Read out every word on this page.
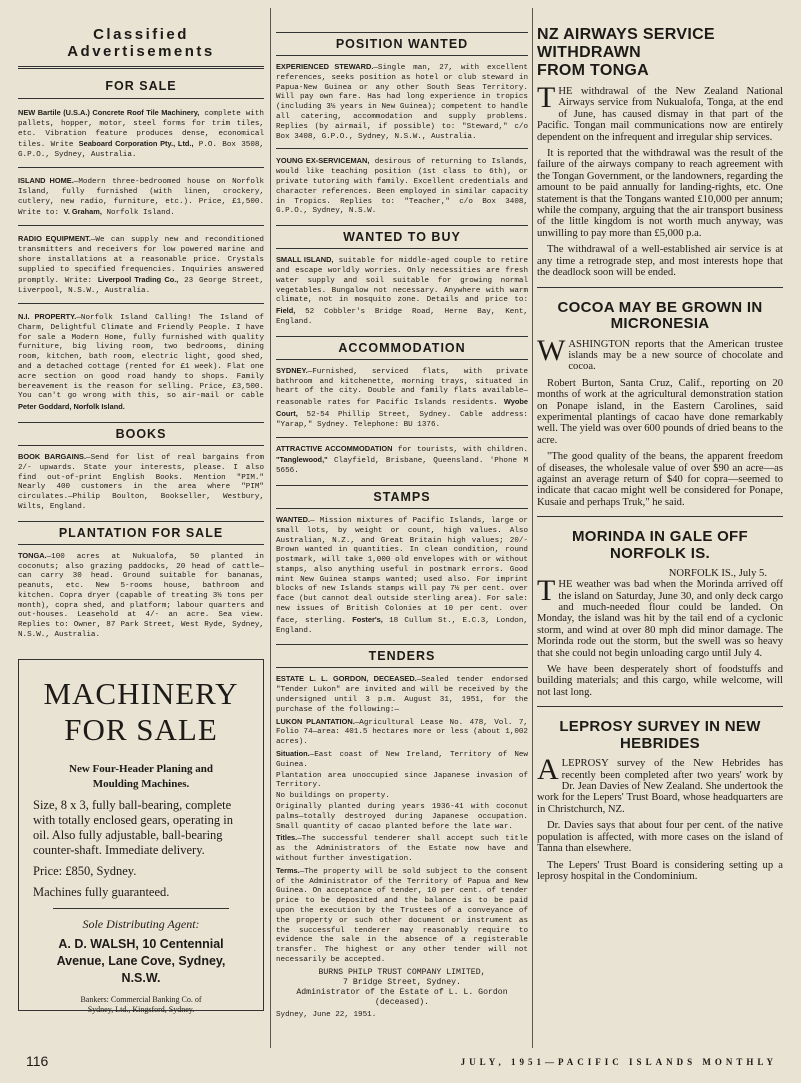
Classified Advertisements
FOR SALE

NEW Bartile (U.S.A.) Concrete Roof Tile Machinery, complete with pallets, hopper, motor, steel forms for trim tiles, etc. Vibration feature produces dense, economical tiles. Write Seaboard Corporation Pty., Ltd., P.O. Box 3508, G.P.O., Sydney, Australia.

ISLAND HOME.—Modern three-bedroomed house on Norfolk Island, fully furnished (with linen, crockery, cutlery, new radio, furniture, etc.). Price, £1,500. Write to: V. Graham, Norfolk Island.

RADIO EQUIPMENT.—We can supply new and reconditioned transmitters and receivers for low powered marine and shore installations at a reasonable price. Crystals supplied to specified frequencies. Inquiries answered promptly. Write: Liverpool Trading Co., 23 George Street, Liverpool, N.S.W., Australia.

N.I. PROPERTY.—Norfolk Island Calling! The Island of Charm, Delightful Climate and Friendly People. I have for sale a Modern Home, fully furnished with quality furniture, big living room, two bedrooms, dining room, kitchen, bath room, electric light, good shed, and a detached cottage (rented for £1 week). Flat one acre section on good road handy to shops. Family bereavement is the reason for selling. Price, £3,500. You can't go wrong with this, so air-mail or cable Peter Goddard, Norfolk Island.

BOOKS

BOOK BARGAINS.—Send for list of real bargains from 2/- upwards. State your interests, please. I also find out-of-print English Books. Mention "PIM." Nearly 400 customers in the area where "PIM" circulates.—Philip Boulton, Bookseller, Westbury, Wilts, England.

PLANTATION FOR SALE

TONGA.—100 acres at Nukualofa, 50 planted in coconuts; also grazing paddocks, 20 head of cattle—can carry 30 head. Ground suitable for bananas, peanuts, etc. New 5-rooms house, bathroom and kitchen. Copra dryer (capable of treating 3½ tons per month), copra shed, and platform; labour quarters and out-houses. Leasehold at 4/- an acre. Sea view. Replies to: Owner, 87 Park Street, West Ryde, Sydney, N.S.W., Australia.

MACHINERY
FOR SALE
New Four-Header Planing and
Moulding Machines.
Size, 8 x 3, fully ball-bearing, complete with totally enclosed gears, operating in oil. Also fully adjustable, ball-bearing counter-shaft. Immediate delivery.
Price: £850, Sydney.
Machines fully guaranteed.
Sole Distributing Agent:
A. D. WALSH, 10 Centennial
Avenue, Lane Cove, Sydney,
N.S.W.
Bankers: Commercial Banking Co. of
Sydney, Ltd., Kingsford, Sydney.
POSITION WANTED

EXPERIENCED STEWARD.—Single man, 27, with excellent references, seeks position as hotel or club steward in Papua-New Guinea or any other South Seas Territory. Will pay own fare. Has had long experience in tropics (including 3½ years in New Guinea); competent to handle all catering, accommodation and supply problems. Replies (by airmail, if possible) to: "Steward," c/o Box 3408, G.P.O., Sydney, N.S.W., Australia.

YOUNG EX-SERVICEMAN, desirous of returning to Islands, would like teaching position (1st class to 6th), or private tutoring with family. Excellent credentials and character references. Been employed in similar capacity in Tropics. Replies to: "Teacher," c/o Box 3408, G.P.O., Sydney, N.S.W.

WANTED TO BUY

SMALL ISLAND, suitable for middle-aged couple to retire and escape worldly worries. Only necessities are fresh water supply and soil suitable for growing normal vegetables. Bungalow not necessary. Anywhere with warm climate, not in mosquito zone. Details and price to: Field, 52 Cobbler's Bridge Road, Herne Bay, Kent, England.

ACCOMMODATION

SYDNEY.—Furnished, serviced flats, with private bathroom and kitchenette, morning trays, situated in heart of the city. Double and family flats available—reasonable rates for Pacific Islands residents. Wyobe Court, 52-54 Phillip Street, Sydney. Cable address: "Yarap," Sydney. Telephone: BU 1376.

ATTRACTIVE ACCOMMODATION for tourists, with children. "Tanglewood," Clayfield, Brisbane, Queensland. 'Phone M 5656.

STAMPS

WANTED.— Mission mixtures of Pacific Islands, large or small lots, by weight or count, high values. Also Australian, N.Z., and Great Britain high values; 20/- Brown wanted in quantities. In clean condition, round postmark, will take 1,000 old envelopes with or without stamps, also anything useful in postmark errors. Good mint New Guinea stamps wanted; used also. For imprint blocks of new Islands stamps will pay 7½ per cent. over face (but cannot deal outside sterling area). For sale: new issues of British Colonies at 10 per cent. over face, sterling. Foster's, 18 Cullum St., E.C.3, London, England.

TENDERS

ESTATE L. L. GORDON, DECEASED.—Sealed tender endorsed "Tender Lukon" are invited and will be received by the undersigned until 3 p.m. August 31, 1951, for the purchase of the following:—

LUKON PLANTATION.—Agricultural Lease No. 478, Vol. 7, Folio 74—area: 401.5 hectares more or less (about 1,002 acres).

Situation.—East coast of New Ireland, Territory of New Guinea.

Plantation area unoccupied since Japanese invasion of Territory.

No buildings on property.

Originally planted during years 1936-41 with coconut palms—totally destroyed during Japanese occupation. Small quantity of cacao planted before the late war.

Titles.—The successful tenderer shall accept such title as the Administrators of the Estate now have and without further investigation.

Terms.—The property will be sold subject to the consent of the Administrator of the Territory of Papua and New Guinea. On acceptance of tender, 10 per cent. of tender price to be deposited and the balance is to be paid upon the execution by the Trustees of a conveyance of the property or such other document or instrument as the successful tenderer may reasonably require to evidence the sale in the absence of a registerable transfer. The highest or any other tender will not necessarily be accepted.

BURNS PHILP TRUST COMPANY LIMITED,
7 Bridge Street, Sydney.
Administrator of the Estate of L. L. Gordon
(deceased).

Sydney, June 22, 1951.

NZ AIRWAYS SERVICE
WITHDRAWN
FROM TONGA

THE withdrawal of the New Zealand National Airways service from Nukualofa, Tonga, at the end of June, has caused dismay in that part of the Pacific. Tongan mail communications now are entirely dependent on the infrequent and irregular ship services.

It is reported that the withdrawal was the result of the failure of the airways company to reach agreement with the Tongan Government, or the landowners, regarding the amount to be paid annually for landing-rights, etc. One statement is that the Tongans wanted £10,000 per annum; while the company, arguing that the air transport business of the little kingdom is not worth much anyway, was unwilling to pay more than £5,000 p.a.

The withdrawal of a well-established air service is at any time a retrograde step, and most interests hope that the deadlock soon will be ended.

COCOA MAY BE GROWN IN
MICRONESIA

WASHINGTON reports that the American trustee islands may be a new source of chocolate and cocoa.

Robert Burton, Santa Cruz, Calif., reporting on 20 months of work at the agricultural demonstration station on Ponape island, in the Eastern Carolines, said experimental plantings of cacao have done remarkably well. The yield was over 600 pounds of dried beans to the acre.

"The good quality of the beans, the apparent freedom of diseases, the wholesale value of over $90 an acre—as against an average return of $40 for copra—seemed to indicate that cacao might well be considered for Ponape, Kusaie and perhaps Truk," he said.

MORINDA IN GALE OFF
NORFOLK IS.
NORFOLK IS., July 5.

THE weather was bad when the Morinda arrived off the island on Saturday, June 30, and only deck cargo and much-needed flour could be landed. On Monday, the island was hit by the tail end of a cyclonic storm, and wind at over 80 mph did minor damage. The Morinda rode out the storm, but the swell was so heavy that she could not begin unloading cargo until July 4.

We have been desperately short of foodstuffs and building materials; and this cargo, while welcome, will not last long.

LEPROSY SURVEY IN NEW
HEBRIDES

ALEPROSY survey of the New Hebrides has recently been completed after two years' work by Dr. Jean Davies of New Zealand. She undertook the work for the Lepers' Trust Board, whose headquarters are in Christchurch, NZ.

Dr. Davies says that about four per cent. of the native population is affected, with more cases on the island of Tanna than elsewhere.

The Lepers' Trust Board is considering setting up a leprosy hospital in the Condominium.

116	JULY, 1951—PACIFIC ISLANDS MONTHLY
